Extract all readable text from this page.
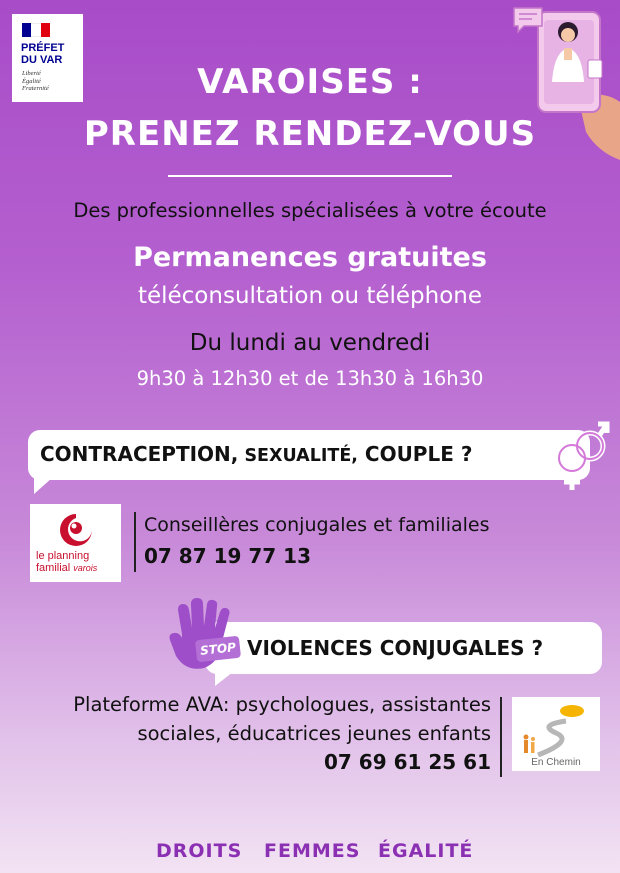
PRÉFET
DU VAR
Liberté
Égalité
Fraternité	VAROISES :
PRENEZ RENDEZ-VOUS
Des professionnelles spécialisées à votre écoute
Permanences gratuites
téléconsultation ou téléphone
Du lundi au vendredi
9h30 à 12h30 et de 13h30 à 16h30
CONTRACEPTION, SEXUALITÉ, COUPLE ?
le planning
familial varois
Conseillères conjugales et familiales
07 87 19 77 13
STOP VIOLENCES CONJUGALES ?
Plateforme AVA: psychologues, assistantes
sociales, éducatrices jeunes enfants
07 69 61 25 61	En Chemin
DROITS FEMMES ÉGALITÉ
